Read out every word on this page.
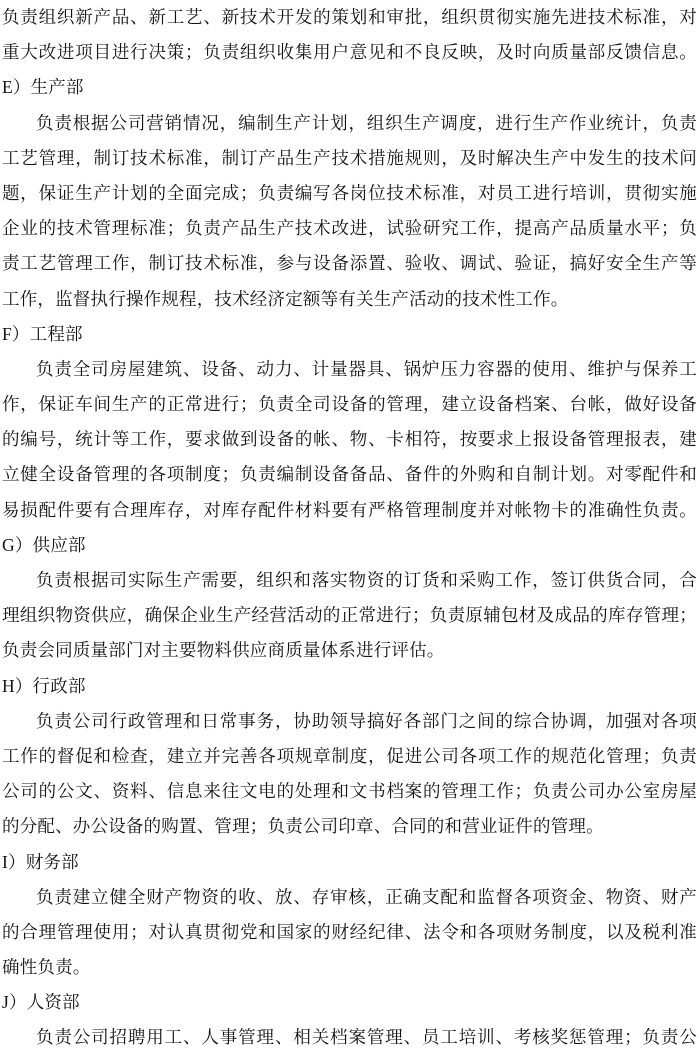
负责组织新产品、新工艺、新技术开发的策划和审批，组织贯彻实施先进技术标准，对
重大改进项目进行决策；负责组织收集用户意见和不良反映，及时向质量部反馈信息。
E）生产部
负责根据公司营销情况，编制生产计划，组织生产调度，进行生产作业统计，负责
工艺管理，制订技术标准，制订产品生产技术措施规则，及时解决生产中发生的技术问
题，保证生产计划的全面完成；负责编写各岗位技术标准，对员工进行培训，贯彻实施
企业的技术管理标准；负责产品生产技术改进，试验研究工作，提高产品质量水平；负
责工艺管理工作，制订技术标准，参与设备添置、验收、调试、验证，搞好安全生产等
工作，监督执行操作规程，技术经济定额等有关生产活动的技术性工作。
F）工程部
负责全司房屋建筑、设备、动力、计量器具、锅炉压力容器的使用、维护与保养工
作，保证车间生产的正常进行；负责全司设备的管理，建立设备档案、台帐，做好设备
的编号，统计等工作，要求做到设备的帐、物、卡相符，按要求上报设备管理报表，建
立健全设备管理的各项制度；负责编制设备备品、备件的外购和自制计划。对零配件和
易损配件要有合理库存，对库存配件材料要有严格管理制度并对帐物卡的准确性负责。
G）供应部
负责根据司实际生产需要，组织和落实物资的订货和采购工作，签订供货合同，合
理组织物资供应，确保企业生产经营活动的正常进行；负责原辅包材及成品的库存管理；
负责会同质量部门对主要物料供应商质量体系进行评估。
H）行政部
负责公司行政管理和日常事务，协助领导搞好各部门之间的综合协调，加强对各项
工作的督促和检查，建立并完善各项规章制度，促进公司各项工作的规范化管理；负责
公司的公文、资料、信息来往文电的处理和文书档案的管理工作；负责公司办公室房屋
的分配、办公设备的购置、管理；负责公司印章、合同的和营业证件的管理。
I）财务部
负责建立健全财产物资的收、放、存审核，正确支配和监督各项资金、物资、财产
的合理管理使用；对认真贯彻党和国家的财经纪律、法令和各项财务制度，以及税利准
确性负责。
J）人资部
负责公司招聘用工、人事管理、相关档案管理、员工培训、考核奖惩管理；负责公
